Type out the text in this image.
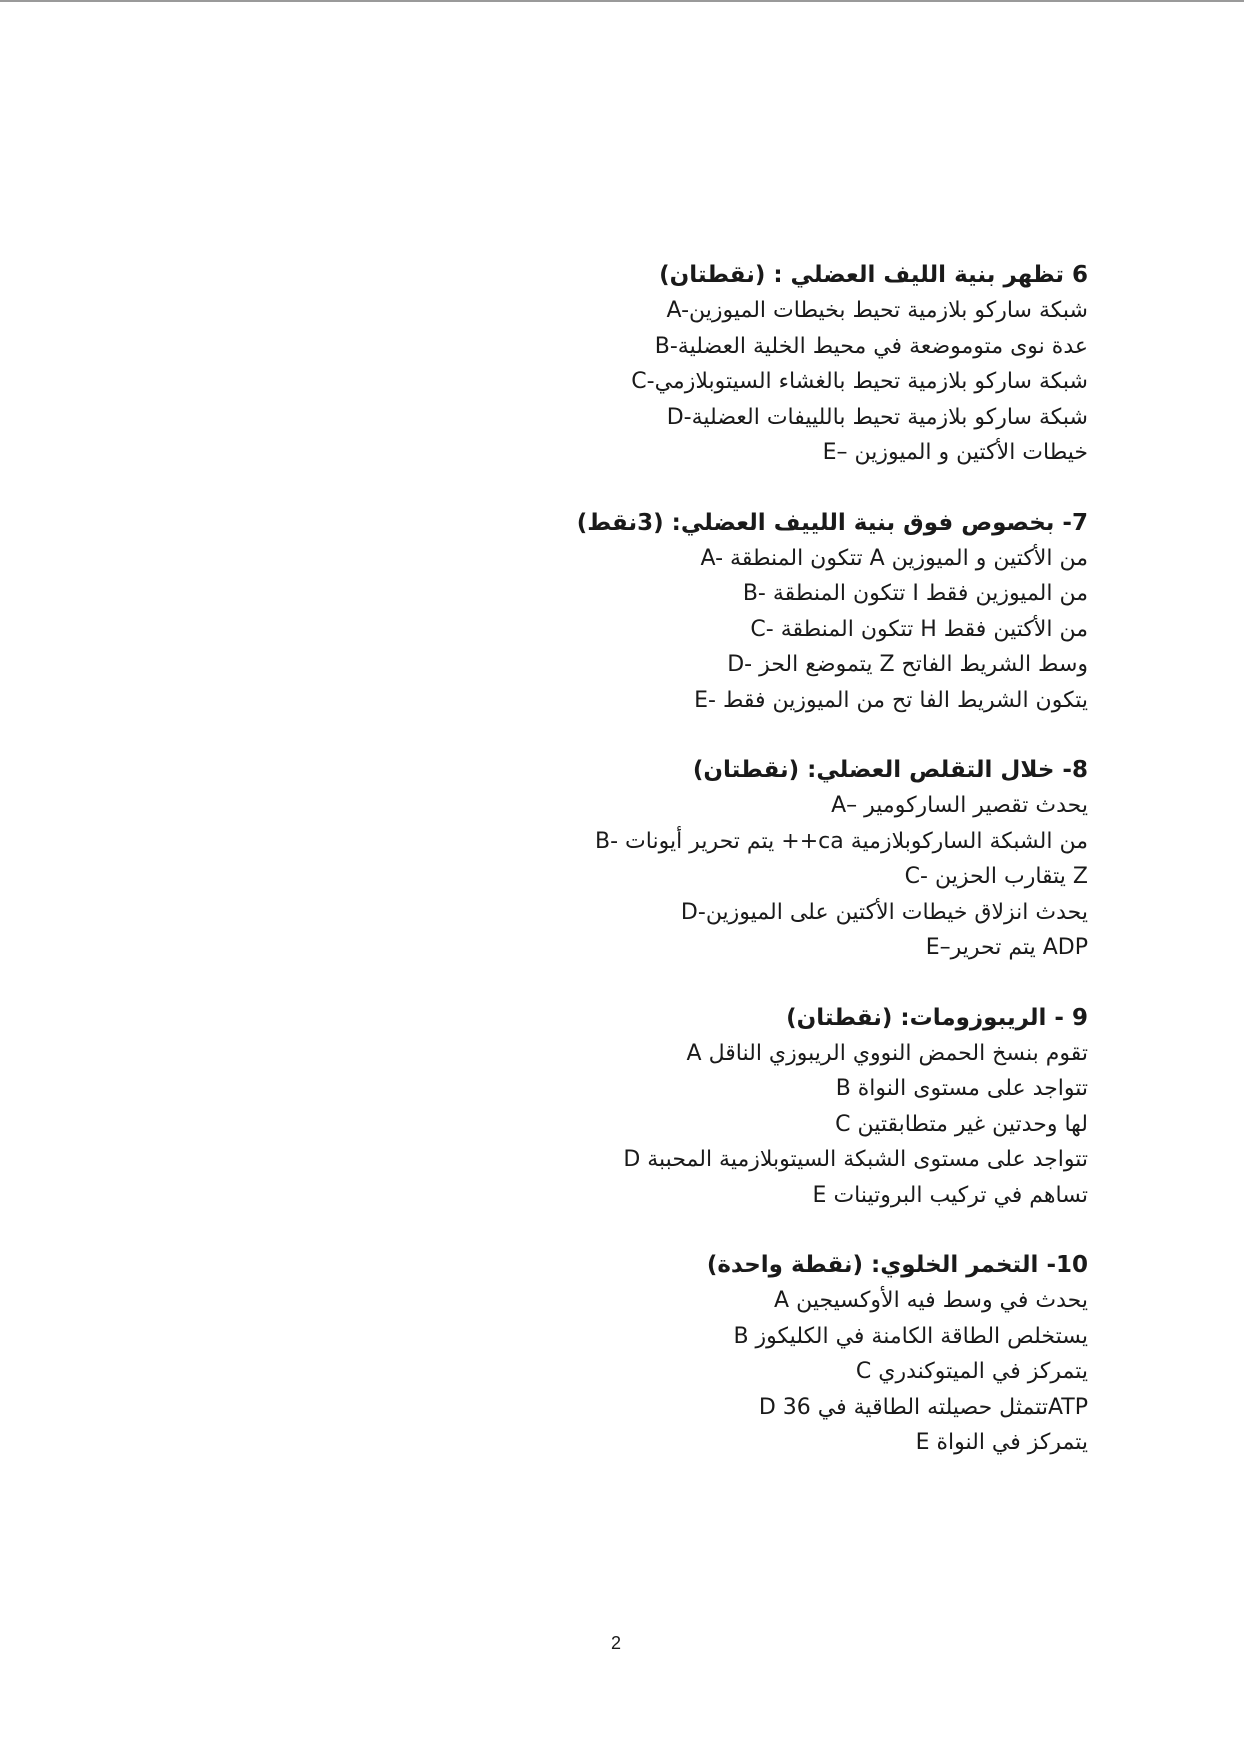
6 تظهر بنية الليف العضلي : (نقطتان)
A-شبكة ساركو بلازمية تحيط بخيطات الميوزين
B-عدة نوى متوموضعة في محيط الخلية العضلية
C-شبكة ساركو بلازمية تحيط بالغشاء السيتوبلازمي
D-شبكة ساركو بلازمية تحيط باللييفات العضلية
E– خيطات الأكتين و الميوزين
7- بخصوص فوق بنية اللييف العضلي: (3نقط)
A- تتكون المنطقة A من الأكتين و الميوزين
B- تتكون المنطقة I من الميوزين فقط
C- تتكون المنطقة H من الأكتين فقط
D- يتموضع الحز Z وسط الشريط الفاتح
E- يتكون الشريط الفا تح من الميوزين فقط
8- خلال التقلص العضلي: (نقطتان)
A– يحدث تقصير الساركومير
B- يتم تحرير أيونات ++ca من الشبكة الساركوبلازمية
C- يتقارب الحزين Z
D-يحدث انزلاق خيطات الأكتين على الميوزين
E–يتم تحرير ADP
9 - الريبوزومات: (نقطتان)
A تقوم بنسخ الحمض النووي الريبوزي الناقل
B تتواجد على مستوى النواة
C لها وحدتين غير متطابقتين
D تتواجد على مستوى الشبكة السيتوبلازمية المحببة
E تساهم في تركيب البروتينات
10- التخمر الخلوي: (نقطة واحدة)
A يحدث في وسط فيه الأوكسيجين
B يستخلص الطاقة الكامنة في الكليكوز
C يتمركز في الميتوكندري
D تتمثل حصيلته الطاقية في 36ATP
E يتمركز في النواة
2
